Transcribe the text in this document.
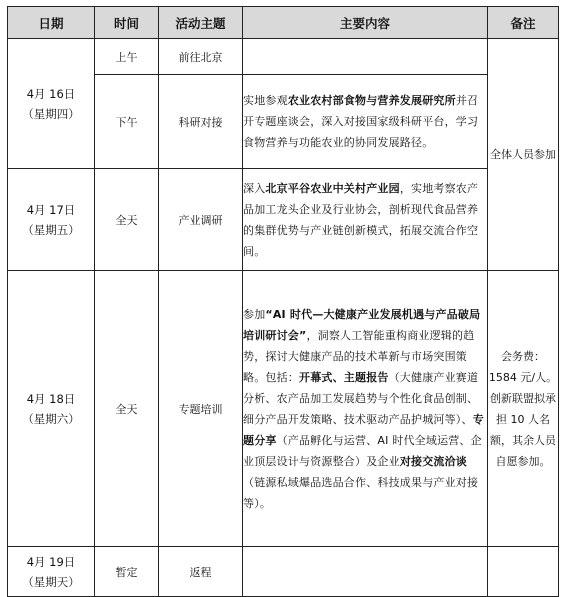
日期	时间	活动主题	主要内容	备注

4月 16日
（星期四）	上午	前往北京		全体人员参加
	下午	科研对接	实地参观农业农村部食物与营养发展研究所并召开专题座谈会，深入对接国家级科研平台，学习食物营养与功能农业的协同发展路径。	

4月 17日
（星期五）	全天	产业调研	深入北京平谷农业中关村产业园，实地考察农产品加工龙头企业及行业协会，剖析现代食品营养的集群优势与产业链创新模式，拓展交流合作空间。	

4月 18日
（星期六）	全天	专题培训	参加“AI 时代—大健康产业发展机遇与产品破局培训研讨会”，洞察人工智能重构商业逻辑的趋势，探讨大健康产品的技术革新与市场突围策略。包括：开幕式、主题报告（大健康产业赛道分析、农产品加工发展趋势与个性化食品创制、细分产品开发策略、技术驱动产品护城河等）、专题分享（产品孵化与运营、AI 时代全域运营、企业顶层设计与资源整合）及企业对接交流洽谈（链源私域爆品选品合作、科技成果与产业对接等）。	会务费：1584 元/人。创新联盟拟承担 10 人名额，其余人员自愿参加。

4月 19日
（星期天）	暂定	返程		
